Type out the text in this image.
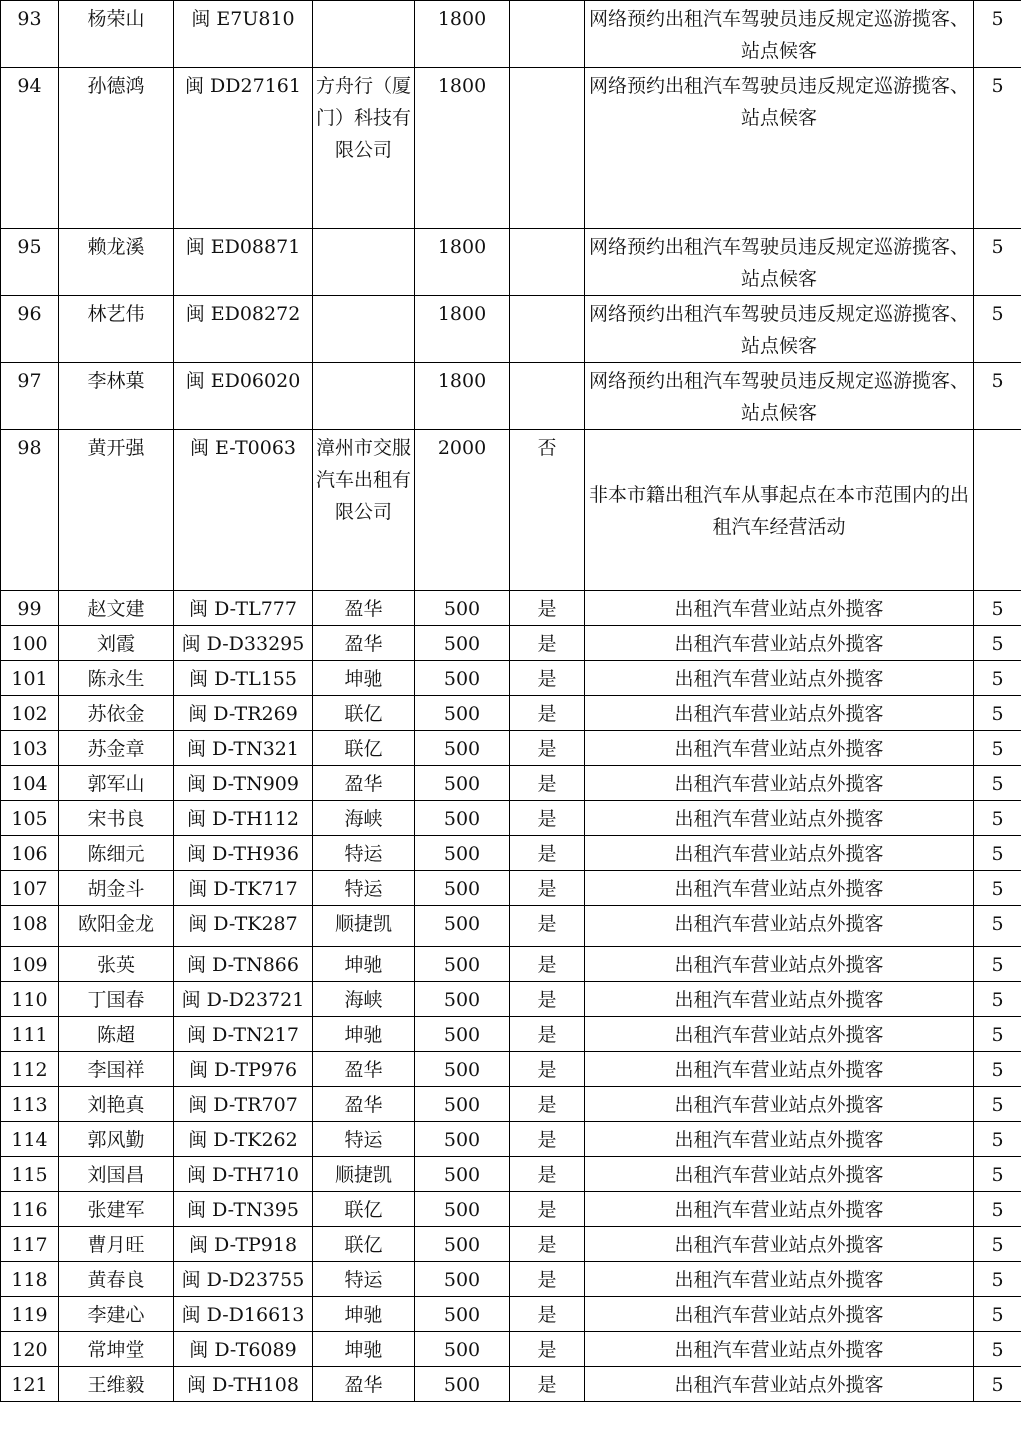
93	杨荣山	闽 E7U810		1800		网络预约出租汽车驾驶员违反规定巡游揽客、站点候客	5
94	孙德鸿	闽 DD27161	方舟行（厦门）科技有限公司	1800		网络预约出租汽车驾驶员违反规定巡游揽客、站点候客	5
95	赖龙溪	闽 ED08871		1800		网络预约出租汽车驾驶员违反规定巡游揽客、站点候客	5
96	林艺伟	闽 ED08272		1800		网络预约出租汽车驾驶员违反规定巡游揽客、站点候客	5
97	李林菓	闽 ED06020		1800		网络预约出租汽车驾驶员违反规定巡游揽客、站点候客	5
98	黄开强	闽 E-T0063	漳州市交服汽车出租有限公司	2000	否	非本市籍出租汽车从事起点在本市范围内的出租汽车经营活动	
99	赵文建	闽 D-TL777	盈华	500	是	出租汽车营业站点外揽客	5
100	刘霞	闽 D-D33295	盈华	500	是	出租汽车营业站点外揽客	5
101	陈永生	闽 D-TL155	坤驰	500	是	出租汽车营业站点外揽客	5
102	苏依金	闽 D-TR269	联亿	500	是	出租汽车营业站点外揽客	5
103	苏金章	闽 D-TN321	联亿	500	是	出租汽车营业站点外揽客	5
104	郭军山	闽 D-TN909	盈华	500	是	出租汽车营业站点外揽客	5
105	宋书良	闽 D-TH112	海峡	500	是	出租汽车营业站点外揽客	5
106	陈细元	闽 D-TH936	特运	500	是	出租汽车营业站点外揽客	5
107	胡金斗	闽 D-TK717	特运	500	是	出租汽车营业站点外揽客	5
108	欧阳金龙	闽 D-TK287	顺捷凯	500	是	出租汽车营业站点外揽客	5
109	张英	闽 D-TN866	坤驰	500	是	出租汽车营业站点外揽客	5
110	丁国春	闽 D-D23721	海峡	500	是	出租汽车营业站点外揽客	5
111	陈超	闽 D-TN217	坤驰	500	是	出租汽车营业站点外揽客	5
112	李国祥	闽 D-TP976	盈华	500	是	出租汽车营业站点外揽客	5
113	刘艳真	闽 D-TR707	盈华	500	是	出租汽车营业站点外揽客	5
114	郭风勤	闽 D-TK262	特运	500	是	出租汽车营业站点外揽客	5
115	刘国昌	闽 D-TH710	顺捷凯	500	是	出租汽车营业站点外揽客	5
116	张建军	闽 D-TN395	联亿	500	是	出租汽车营业站点外揽客	5
117	曹月旺	闽 D-TP918	联亿	500	是	出租汽车营业站点外揽客	5
118	黄春良	闽 D-D23755	特运	500	是	出租汽车营业站点外揽客	5
119	李建心	闽 D-D16613	坤驰	500	是	出租汽车营业站点外揽客	5
120	常坤堂	闽 D-T6089	坤驰	500	是	出租汽车营业站点外揽客	5
121	王维毅	闽 D-TH108	盈华	500	是	出租汽车营业站点外揽客	5
